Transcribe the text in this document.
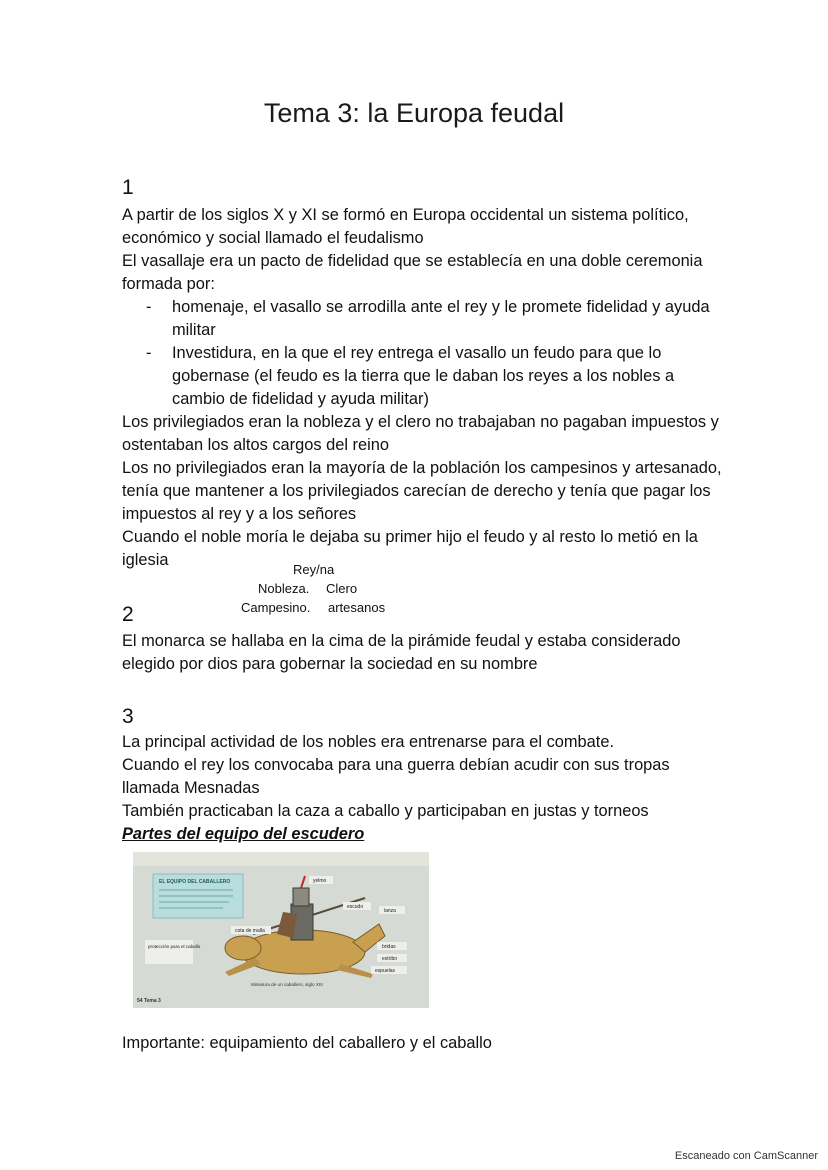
Tema 3: la Europa feudal
1

A partir de los siglos X y XI se formó en Europa occidental un sistema político, económico y social llamado el feudalismo

El vasallaje era un pacto de fidelidad que se establecía en una doble ceremonia formada por:

- homenaje, el vasallo se arrodilla ante el rey y le promete fidelidad y ayuda militar

- Investidura, en la que el rey entrega el vasallo un feudo para que lo gobernase (el feudo es la tierra que le daban los reyes a los nobles a cambio de fidelidad y ayuda militar)

Los privilegiados eran la nobleza y el clero no trabajaban no pagaban impuestos y ostentaban los altos cargos del reino

Los no privilegiados eran la mayoría de la población los campesinos y artesanado, tenía que mantener a los privilegiados carecían de derecho y tenía que pagar los impuestos al rey y a los señores

Cuando el noble moría le dejaba su primer hijo el feudo y al resto lo metió en la iglesia

Rey/na
Nobleza. Clero
Campesino. artesanos
2

El monarca se hallaba en la cima de la pirámide feudal y estaba considerado elegido por dios para gobernar la sociedad en su nombre

3

La principal actividad de los nobles era entrenarse para el combate.

Cuando el rey los convocaba para una guerra debían acudir con sus tropas llamada Mesnadas

También practicaban la caza a caballo y participaban en justas y torneos

Partes del equipo del escudero
EL EQUIPO DEL CABALLERO	yelmo
escudo
lanza
cota de malla
protección para el caballo	bridas
estribo
espuelas
Miniatura de un caballero, siglo XIII
54 Tema 3
Importante: equipamiento del caballero y el caballo
Escaneado con CamScanner
